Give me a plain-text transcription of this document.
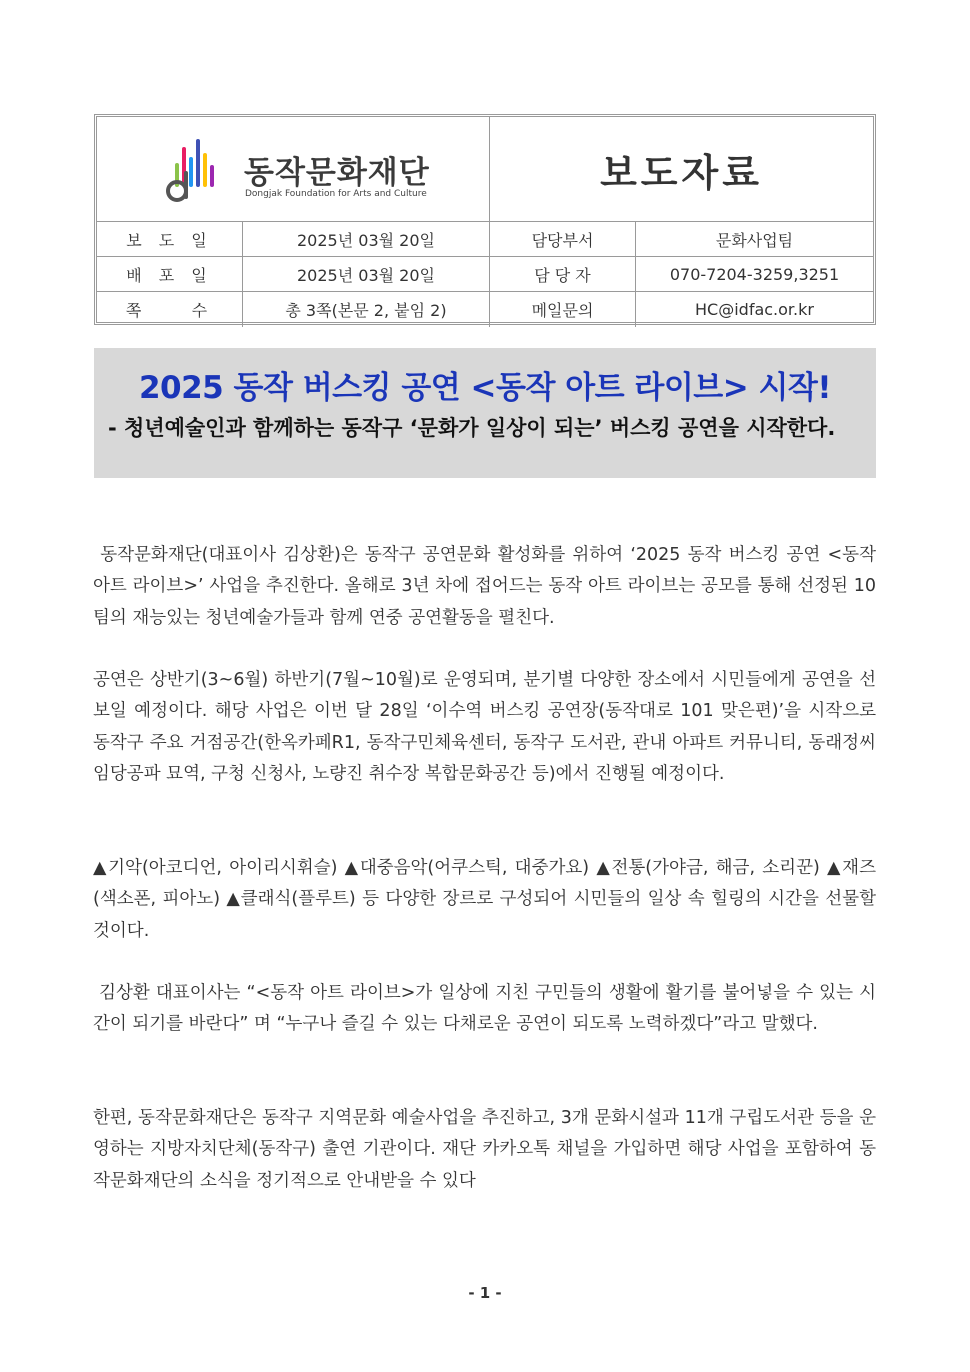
동작문화재단
Dongjak Foundation for Arts and Culture	보도자료
보 도 일	2025년 03월 20일	담당부서	문화사업팀
배 포 일	2025년 03월 20일	담 당 자	070-7204-3259,3251
쪽    수	총 3쪽(본문 2, 붙임 2)	메일문의	HC@idfac.or.kr
2025 동작 버스킹 공연 <동작 아트 라이브> 시작!
- 청년예술인과 함께하는 동작구 ‘문화가 일상이 되는’ 버스킹 공연을 시작한다.

동작문화재단(대표이사 김상환)은 동작구 공연문화 활성화를 위하여 ‘2025 동작 버스킹 공연 <동작 아트 라이브>’ 사업을 추진한다. 올해로 3년 차에 접어드는 동작 아트 라이브는 공모를 통해 선정된 10팀의 재능있는 청년예술가들과 함께 연중 공연활동을 펼친다.

공연은 상반기(3~6월) 하반기(7월~10월)로 운영되며, 분기별 다양한 장소에서 시민들에게 공연을 선보일 예정이다. 해당 사업은 이번 달 28일 ‘이수역 버스킹 공연장(동작대로 101 맞은편)’을 시작으로 동작구 주요 거점공간(한옥카페R1, 동작구민체육센터, 동작구 도서관, 관내 아파트 커뮤니티, 동래정씨 임당공파 묘역, 구청 신청사, 노량진 취수장 복합문화공간 등)에서 진행될 예정이다.

▲기악(아코디언, 아이리시휘슬) ▲대중음악(어쿠스틱, 대중가요) ▲전통(가야금, 해금, 소리꾼) ▲재즈(색소폰, 피아노) ▲클래식(플루트) 등 다양한 장르로 구성되어 시민들의 일상 속 힐링의 시간을 선물할 것이다.

김상환 대표이사는 “<동작 아트 라이브>가 일상에 지친 구민들의 생활에 활기를 불어넣을 수 있는 시간이 되기를 바란다” 며 “누구나 즐길 수 있는 다채로운 공연이 되도록 노력하겠다”라고 말했다.

한편, 동작문화재단은 동작구 지역문화 예술사업을 추진하고, 3개 문화시설과 11개 구립도서관 등을 운영하는 지방자치단체(동작구) 출연 기관이다. 재단 카카오톡 채널을 가입하면 해당 사업을 포함하여 동작문화재단의 소식을 정기적으로 안내받을 수 있다

- 1 -
